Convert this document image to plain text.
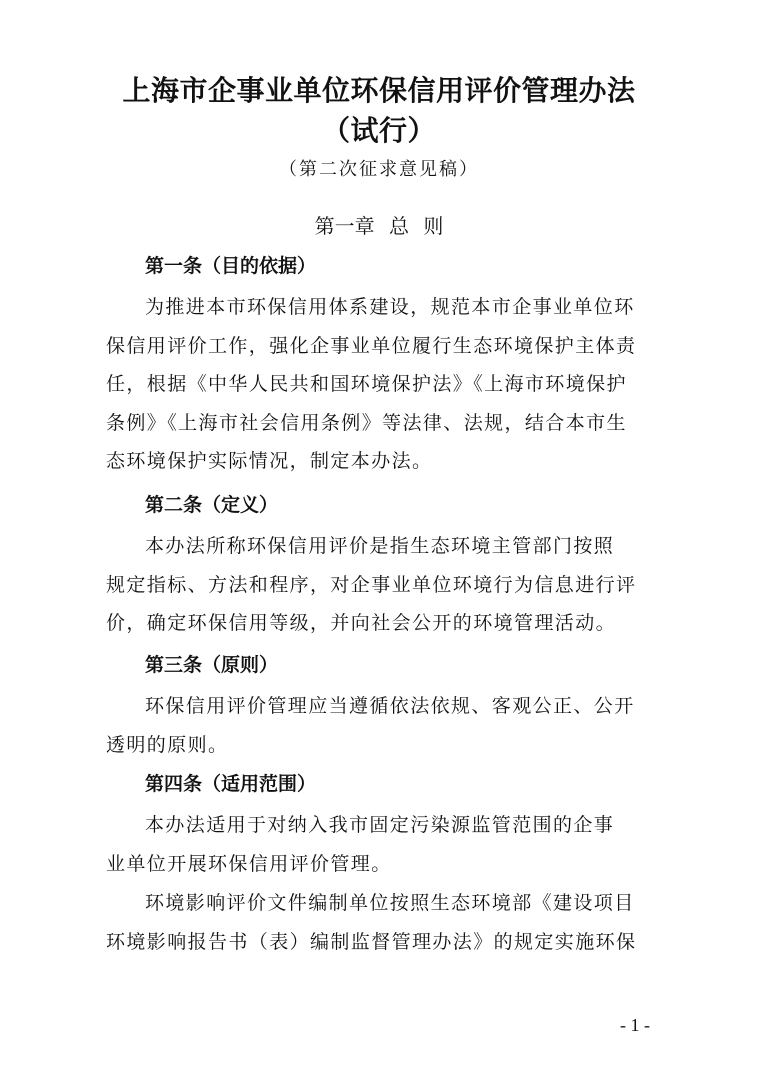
上海市企事业单位环保信用评价管理办法
（试行）
（第二次征求意见稿）
第一章 总 则
第一条（目的依据）
为推进本市环保信用体系建设，规范本市企事业单位环
保信用评价工作，强化企事业单位履行生态环境保护主体责
任，根据《中华人民共和国环境保护法》《上海市环境保护
条例》《上海市社会信用条例》等法律、法规，结合本市生
态环境保护实际情况，制定本办法。
第二条（定义）
本办法所称环保信用评价是指生态环境主管部门按照
规定指标、方法和程序，对企事业单位环境行为信息进行评
价，确定环保信用等级，并向社会公开的环境管理活动。
第三条（原则）
环保信用评价管理应当遵循依法依规、客观公正、公开
透明的原则。
第四条（适用范围）
本办法适用于对纳入我市固定污染源监管范围的企事
业单位开展环保信用评价管理。
环境影响评价文件编制单位按照生态环境部《建设项目
环境影响报告书（表）编制监督管理办法》的规定实施环保
- 1 -
